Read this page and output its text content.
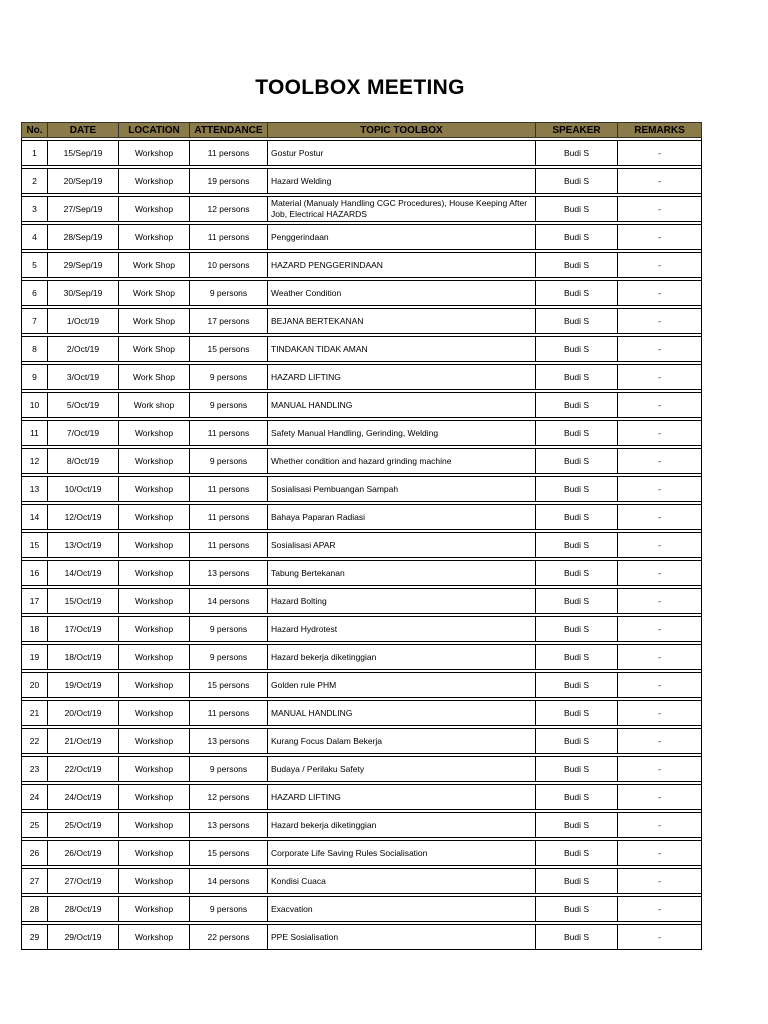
TOOLBOX MEETING
No.	DATE	LOCATION	ATTENDANCE	TOPIC TOOLBOX	SPEAKER	REMARKS

1	15/Sep/19	Workshop	11 persons	Gostur Postur	Budi S	-

2	20/Sep/19	Workshop	19 persons	Hazard Welding	Budi S	-

3	27/Sep/19	Workshop	12 persons	Material (Manualy Handling CGC Procedures), House Keeping After Job, Electrical HAZARDS	Budi S	-

4	28/Sep/19	Workshop	11 persons	Penggerindaan	Budi S	-

5	29/Sep/19	Work Shop	10 persons	HAZARD PENGGERINDAAN	Budi S	-

6	30/Sep/19	Work Shop	9 persons	Weather Condition	Budi S	-

7	1/Oct/19	Work Shop	17 persons	BEJANA BERTEKANAN	Budi S	-

8	2/Oct/19	Work Shop	15 persons	TINDAKAN TIDAK AMAN	Budi S	-

9	3/Oct/19	Work Shop	9 persons	HAZARD LIFTING	Budi S	-

10	5/Oct/19	Work shop	9 persons	MANUAL HANDLING	Budi S	-

11	7/Oct/19	Workshop	11 persons	Safety Manual Handling, Gerinding, Welding	Budi S	-

12	8/Oct/19	Workshop	9 persons	Whether condition and hazard grinding machine	Budi S	-

13	10/Oct/19	Workshop	11 persons	Sosialisasi Pembuangan Sampah	Budi S	-

14	12/Oct/19	Workshop	11 persons	Bahaya Paparan Radiasi	Budi S	-

15	13/Oct/19	Workshop	11 persons	Sosialisasi APAR	Budi S	-

16	14/Oct/19	Workshop	13 persons	Tabung Bertekanan	Budi S	-

17	15/Oct/19	Workshop	14 persons	Hazard Bolting	Budi S	-

18	17/Oct/19	Workshop	9 persons	Hazard Hydrotest	Budi S	-

19	18/Oct/19	Workshop	9 persons	Hazard bekerja diketinggian	Budi S	-

20	19/Oct/19	Workshop	15 persons	Golden rule PHM	Budi S	-

21	20/Oct/19	Workshop	11 persons	MANUAL HANDLING	Budi S	-

22	21/Oct/19	Workshop	13 persons	Kurang Focus Dalam Bekerja	Budi S	-

23	22/Oct/19	Workshop	9 persons	Budaya / Perilaku Safety	Budi S	-

24	24/Oct/19	Workshop	12 persons	HAZARD LIFTING	Budi S	-

25	25/Oct/19	Workshop	13 persons	Hazard bekerja diketinggian	Budi S	-

26	26/Oct/19	Workshop	15 persons	Corporate Life Saving Rules Socialisation	Budi S	-

27	27/Oct/19	Workshop	14 persons	Kondisi Cuaca	Budi S	-

28	28/Oct/19	Workshop	9 persons	Exacvation	Budi S	-

29	29/Oct/19	Workshop	22 persons	PPE Sosialisation	Budi S	-
